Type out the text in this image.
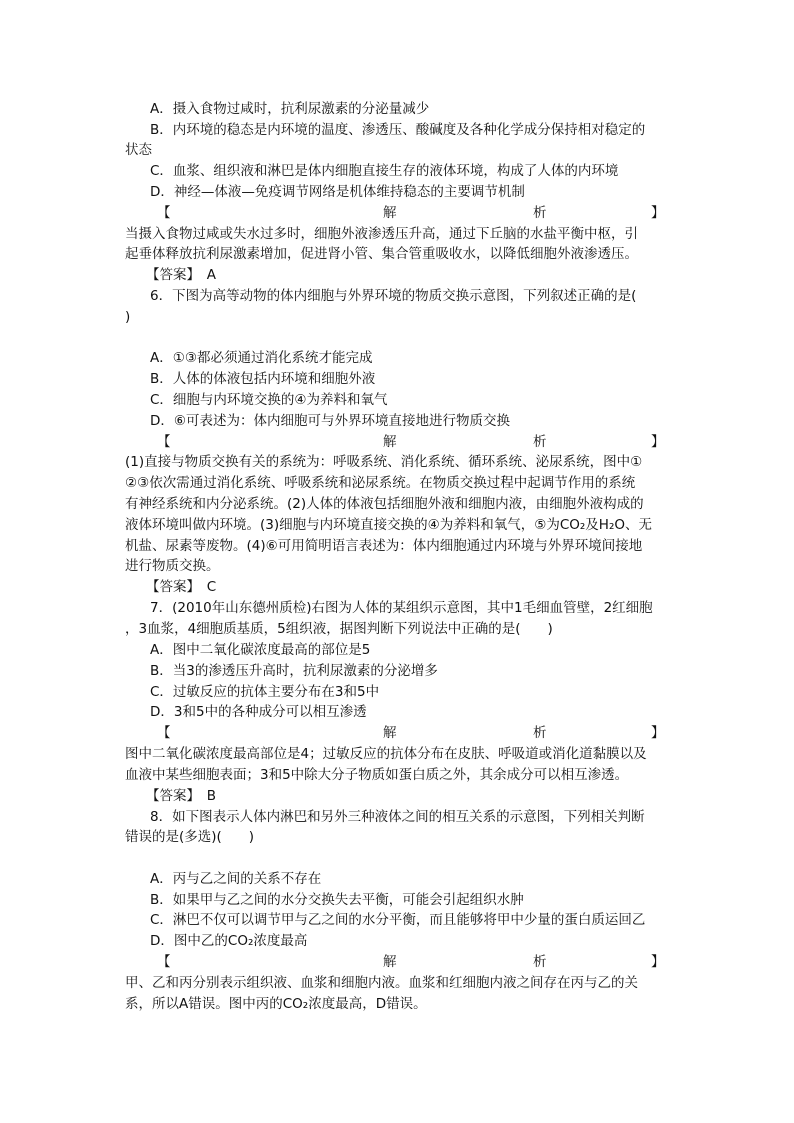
A．摄入食物过咸时，抗利尿激素的分泌量减少
B．内环境的稳态是内环境的温度、渗透压、酸碱度及各种化学成分保持相对稳定的
状态
C．血浆、组织液和淋巴是体内细胞直接生存的液体环境，构成了人体的内环境
D．神经—体液—免疫调节网络是机体维持稳态的主要调节机制
【	解	析	】
当摄入食物过咸或失水过多时，细胞外液渗透压升高，通过下丘脑的水盐平衡中枢，引
起垂体释放抗利尿激素增加，促进肾小管、集合管重吸收水，以降低细胞外液渗透压。
【答案】　A
6．下图为高等动物的体内细胞与外界环境的物质交换示意图，下列叙述正确的是(
)
A．①③都必须通过消化系统才能完成
B．人体的体液包括内环境和细胞外液
C．细胞与内环境交换的④为养料和氧气
D．⑥可表述为：体内细胞可与外界环境直接地进行物质交换
【	解	析	】
(1)直接与物质交换有关的系统为：呼吸系统、消化系统、循环系统、泌尿系统，图中①
②③依次需通过消化系统、呼吸系统和泌尿系统。在物质交换过程中起调节作用的系统
有神经系统和内分泌系统。(2)人体的体液包括细胞外液和细胞内液，由细胞外液构成的
液体环境叫做内环境。(3)细胞与内环境直接交换的④为养料和氧气，⑤为CO₂及H₂O、无
机盐、尿素等废物。(4)⑥可用简明语言表述为：体内细胞通过内环境与外界环境间接地
进行物质交换。
【答案】　C
7．(2010年山东德州质检)右图为人体的某组织示意图，其中1毛细血管壁，2红细胞
，3血浆，4细胞质基质，5组织液，据图判断下列说法中正确的是(　　)
A．图中二氧化碳浓度最高的部位是5
B．当3的渗透压升高时，抗利尿激素的分泌增多
C．过敏反应的抗体主要分布在3和5中
D．3和5中的各种成分可以相互渗透
【	解	析	】
图中二氧化碳浓度最高部位是4；过敏反应的抗体分布在皮肤、呼吸道或消化道黏膜以及
血液中某些细胞表面；3和5中除大分子物质如蛋白质之外，其余成分可以相互渗透。
【答案】　B
8．如下图表示人体内淋巴和另外三种液体之间的相互关系的示意图，下列相关判断
错误的是(多选)(　　)
A．丙与乙之间的关系不存在
B．如果甲与乙之间的水分交换失去平衡，可能会引起组织水肿
C．淋巴不仅可以调节甲与乙之间的水分平衡，而且能够将甲中少量的蛋白质运回乙
D．图中乙的CO₂浓度最高
【	解	析	】
甲、乙和丙分别表示组织液、血浆和细胞内液。血浆和红细胞内液之间存在丙与乙的关
系，所以A错误。图中丙的CO₂浓度最高，D错误。
